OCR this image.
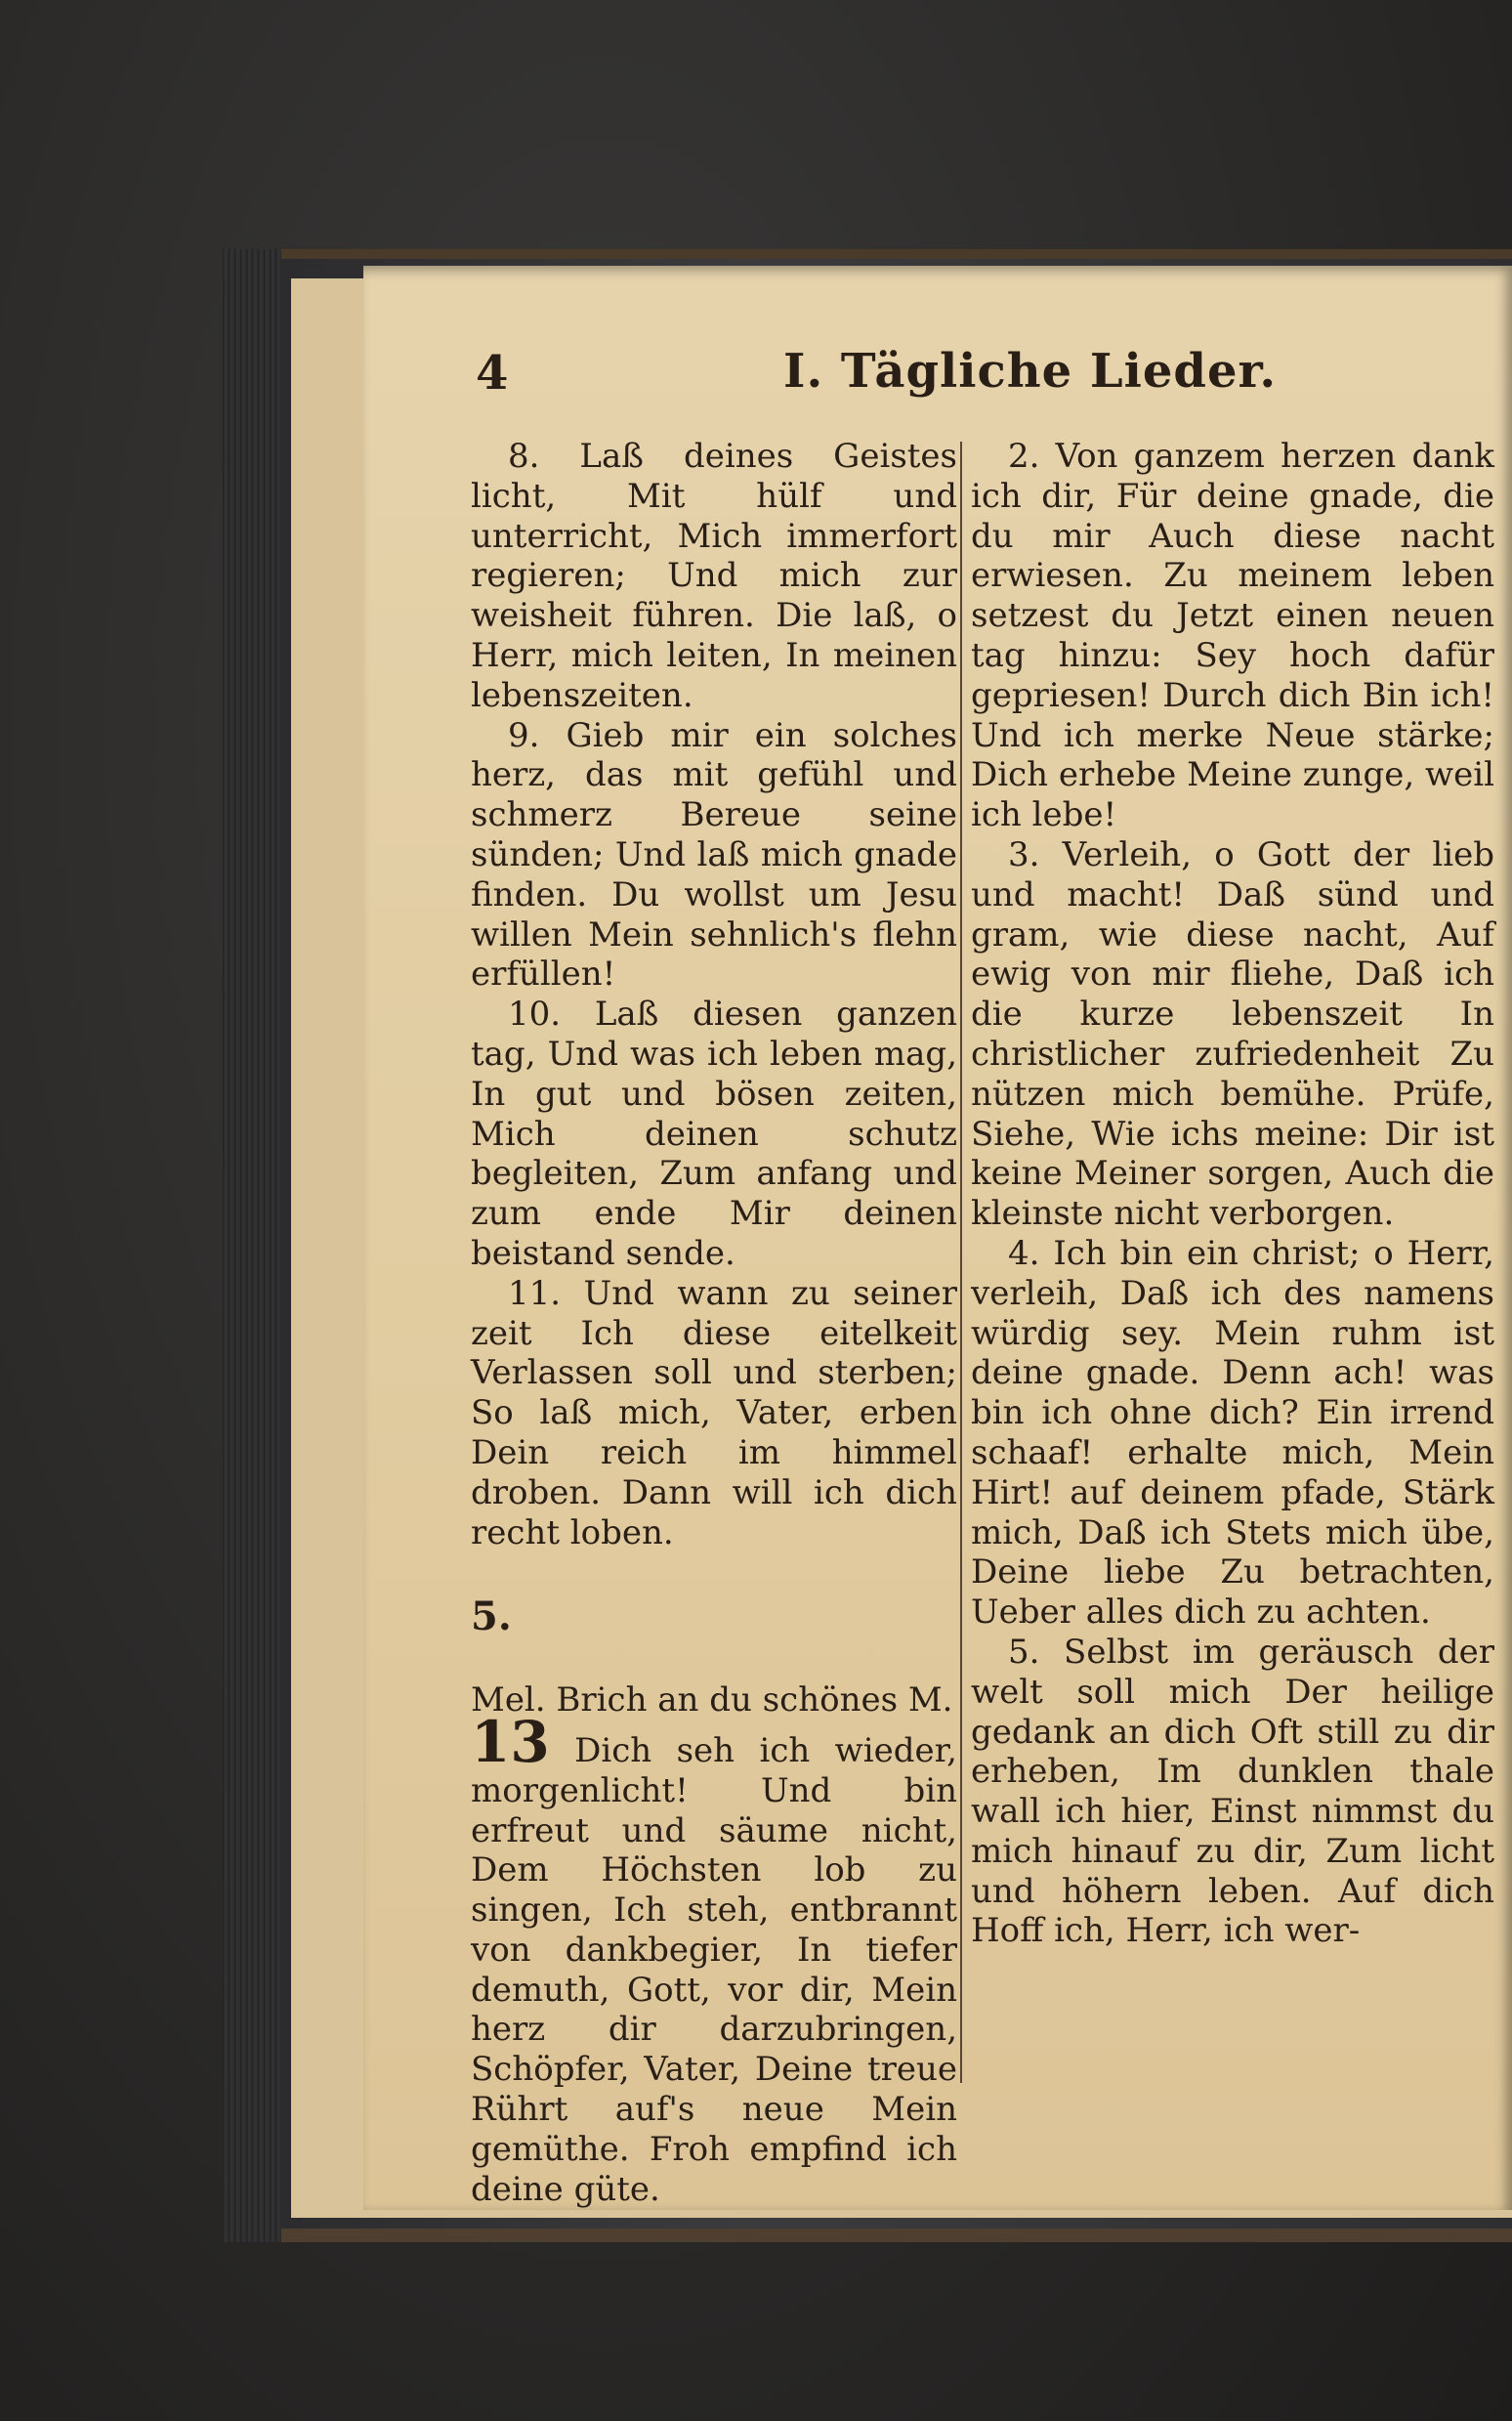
4	I. Tägliche Lieder.

8. Laß deines Geistes licht, Mit hülf und unterricht, Mich immerfort regieren; Und mich zur weisheit führen. Die laß, o Herr, mich leiten, In meinen lebenszeiten.

9. Gieb mir ein solches herz, das mit gefühl und schmerz Bereue seine sünden; Und laß mich gnade finden. Du wollst um Jesu willen Mein sehnlich's flehn erfüllen!

10. Laß diesen ganzen tag, Und was ich leben mag, In gut und bösen zeiten, Mich deinen schutz begleiten, Zum anfang und zum ende Mir deinen beistand sende.

11. Und wann zu seiner zeit Ich diese eitelkeit Verlassen soll und sterben; So laß mich, Vater, erben Dein reich im himmel droben. Dann will ich dich recht loben.

5.

Mel. Brich an du schönes M.

13 Dich seh ich wieder, morgenlicht! Und bin erfreut und säume nicht, Dem Höchsten lob zu singen, Ich steh, entbrannt von dankbegier, In tiefer demuth, Gott, vor dir, Mein herz dir darzubringen, Schöpfer, Vater, Deine treue Rührt auf's neue Mein gemüthe. Froh empfind ich deine güte.

2. Von ganzem herzen dank ich dir, Für deine gnade, die du mir Auch diese nacht erwiesen. Zu meinem leben setzest du Jetzt einen neuen tag hinzu: Sey hoch dafür gepriesen! Durch dich Bin ich! Und ich merke Neue stärke; Dich erhebe Meine zunge, weil ich lebe!

3. Verleih, o Gott der lieb und macht! Daß sünd und gram, wie diese nacht, Auf ewig von mir fliehe, Daß ich die kurze lebenszeit In christlicher zufriedenheit Zu nützen mich bemühe. Prüfe, Siehe, Wie ichs meine: Dir ist keine Meiner sorgen, Auch die kleinste nicht verborgen.

4. Ich bin ein christ; o Herr, verleih, Daß ich des namens würdig sey. Mein ruhm ist deine gnade. Denn ach! was bin ich ohne dich? Ein irrend schaaf! erhalte mich, Mein Hirt! auf deinem pfade, Stärk mich, Daß ich Stets mich übe, Deine liebe Zu betrachten, Ueber alles dich zu achten.

5. Selbst im geräusch der welt soll mich Der heilige gedank an dich Oft still zu dir erheben, Im dunklen thale wall ich hier, Einst nimmst du mich hinauf zu dir, Zum licht und höhern leben. Auf dich Hoff ich, Herr, ich wer-
